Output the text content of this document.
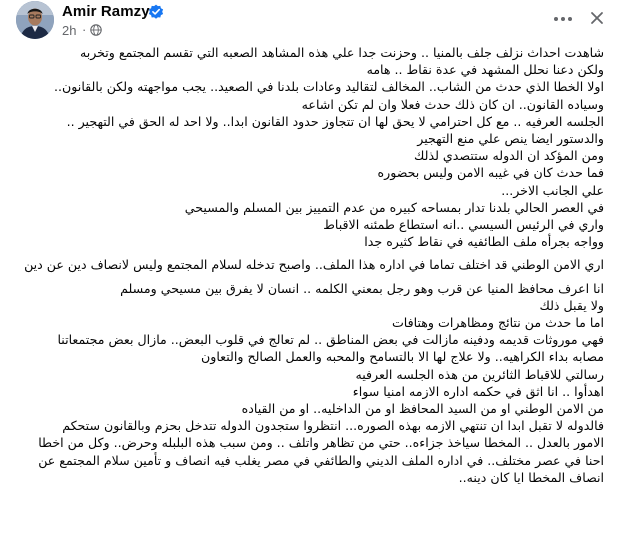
Amir Ramzy
2h ·

شاهدت احداث نزلف جلف بالمنيا .. وحزنت جدا علي هذه المشاهد الصعبه التي تقسم المجتمع وتخربه

ولكن دعنا نحلل المشهد في عدة نقاط .. هامه

اولا الخطا الذي حدث من الشاب.. المخالف لتقاليد وعادات بلدنا في الصعيد.. يجب مواجهته ولكن بالقانون..

وسياده القانون.. ان كان ذلك حدث فعلا وان لم تكن اشاعه

الجلسه العرفيه .. مع كل احترامي لا يحق لها ان تتجاوز حدود القانون ابدا.. ولا احد له الحق في التهجير ..

والدستور ايضا ينص علي منع التهجير

ومن المؤكد ان الدوله ستتصدي لذلك

فما حدث كان في غيبه الامن وليس بحضوره

علي الجانب الاخر...

في العصر الحالي بلدنا تدار بمساحه كبيره من عدم التمييز بين المسلم والمسيحي

واري في الرئيس السيسي ..انه استطاع طمئنه الاقباط

وواجه بجرأه ملف الطائفيه في نقاط كثيره جدا

اري الامن الوطني قد اختلف تماما في اداره هذا الملف.. واصبح تدخله لسلام المجتمع وليس لانصاف دين عن دين

انا اعرف محافظ المنيا عن قرب وهو رجل بمعني الكلمه .. انسان لا يفرق بين مسيحي ومسلم

ولا يقبل ذلك

اما ما حدث من نتائج ومظاهرات وهتافات

فهي موروثات قديمه ودفينه مازالت في بعض المناطق .. لم تعالج في قلوب البعض.. مازال بعض مجتمعاتنا

مصابه بداء الكراهيه.. ولا علاج لها الا بالتسامح والمحبه والعمل الصالح والتعاون

رسالتي للاقباط الثائرين من هذه الجلسه العرفيه

اهدأوا .. انا اثق في حكمه اداره الازمه امنيا سواء

من الامن الوطني او من السيد المحافظ او من الداخليه.. او من القياده

فالدوله لا تقبل ابدا ان تنتهي الازمه بهذه الصوره... انتظروا ستجدون الدوله تتدخل بحزم وبالقانون ستحكم

الامور بالعدل .. المخطا سياخذ جزاءه.. حتي من تظاهر واتلف .. ومن سبب هذه البلبله وحرض.. وكل من اخطا

احنا في عصر مختلف.. في اداره الملف الديني والطائفي في مصر يغلب فيه انصاف و تأمين سلام المجتمع عن

انصاف المخطا ايا كان دينه..
